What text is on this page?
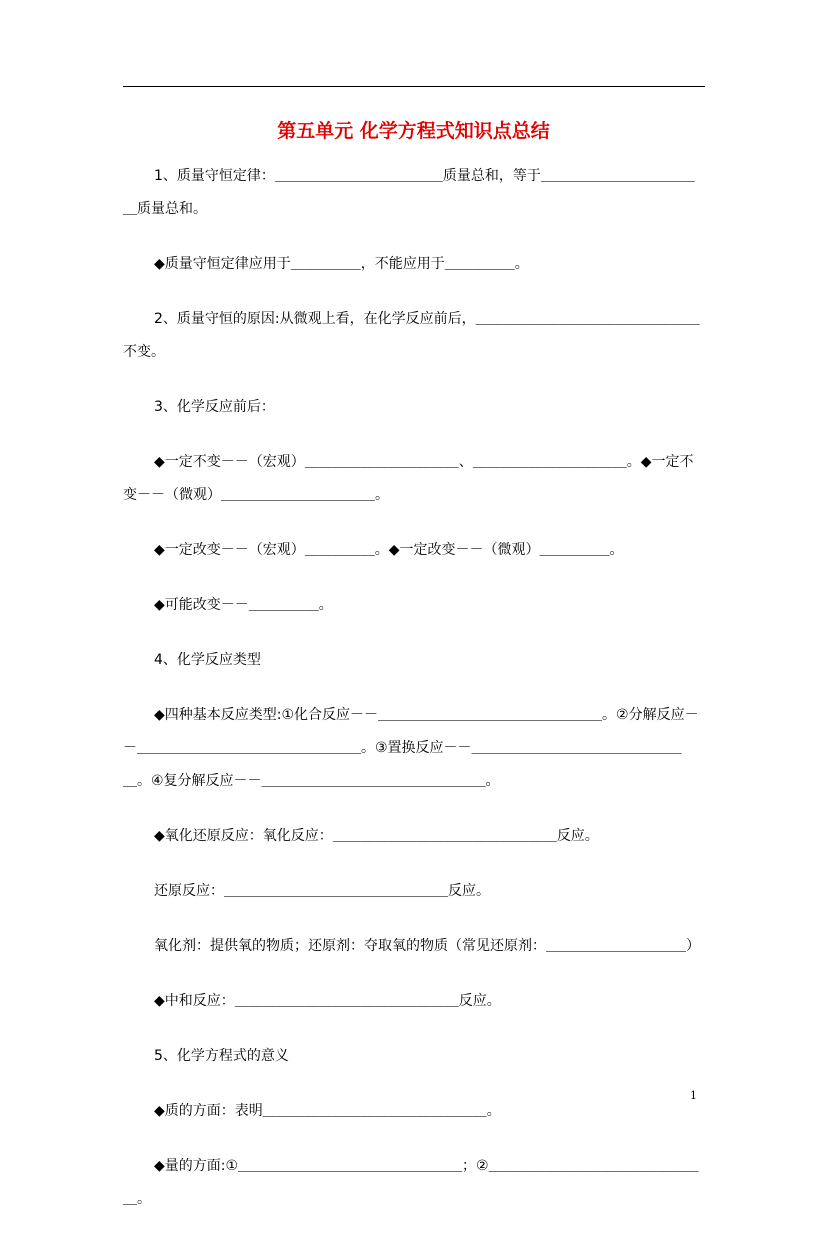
第五单元 化学方程式知识点总结

1、质量守恒定律：＿＿＿＿＿＿＿＿＿＿＿＿质量总和，等于＿＿＿＿＿＿＿＿＿＿＿＿质量总和。

◆质量守恒定律应用于＿＿＿＿＿，不能应用于＿＿＿＿＿。

2、质量守恒的原因:从微观上看，在化学反应前后，＿＿＿＿＿＿＿＿＿＿＿＿＿＿＿＿不变。

3、化学反应前后：

◆一定不变－－（宏观）＿＿＿＿＿＿＿＿＿＿＿、＿＿＿＿＿＿＿＿＿＿＿。◆一定不变－－（微观）＿＿＿＿＿＿＿＿＿＿＿。

◆一定改变－－（宏观）＿＿＿＿＿。◆一定改变－－（微观）＿＿＿＿＿。

◆可能改变－－＿＿＿＿＿。

4、化学反应类型

◆四种基本反应类型:①化合反应－－＿＿＿＿＿＿＿＿＿＿＿＿＿＿＿＿。②分解反应－－＿＿＿＿＿＿＿＿＿＿＿＿＿＿＿＿。③置换反应－－＿＿＿＿＿＿＿＿＿＿＿＿＿＿＿＿。④复分解反应－－＿＿＿＿＿＿＿＿＿＿＿＿＿＿＿＿。

◆氧化还原反应：氧化反应：＿＿＿＿＿＿＿＿＿＿＿＿＿＿＿＿反应。

还原反应：＿＿＿＿＿＿＿＿＿＿＿＿＿＿＿＿反应。

氧化剂：提供氧的物质；还原剂：夺取氧的物质（常见还原剂：＿＿＿＿＿＿＿＿＿＿）

◆中和反应：＿＿＿＿＿＿＿＿＿＿＿＿＿＿＿＿反应。

5、化学方程式的意义

◆质的方面：表明＿＿＿＿＿＿＿＿＿＿＿＿＿＿＿＿。

◆量的方面:①＿＿＿＿＿＿＿＿＿＿＿＿＿＿＿＿；②＿＿＿＿＿＿＿＿＿＿＿＿＿＿＿＿。

1
